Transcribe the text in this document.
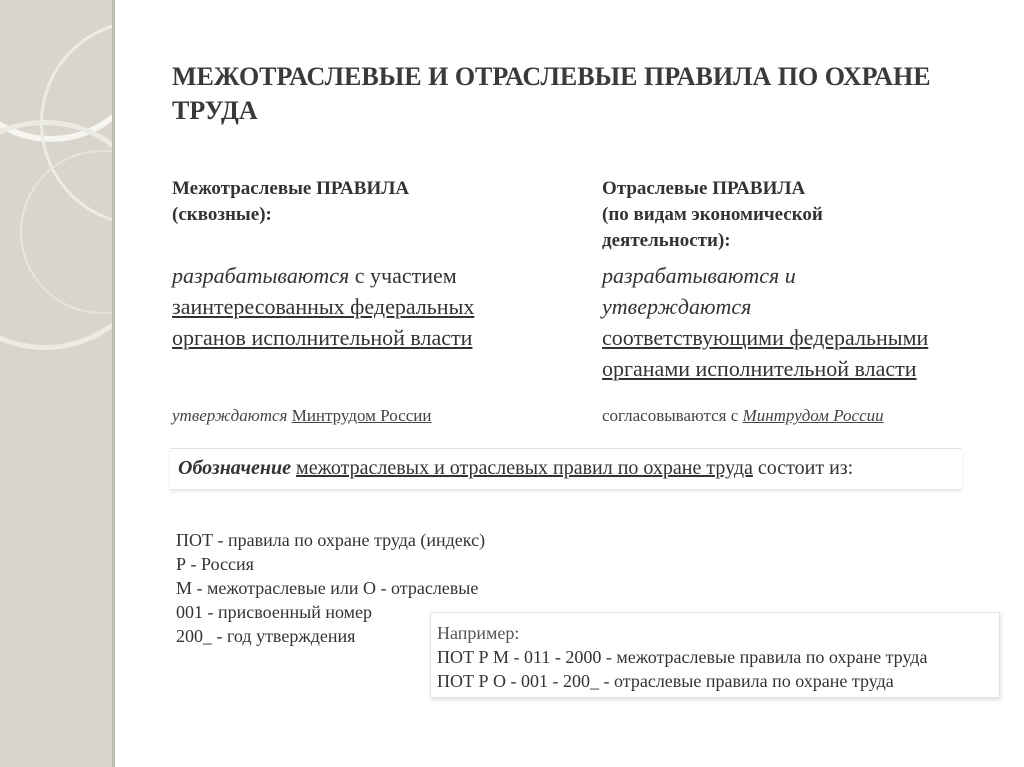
МЕЖОТРАСЛЕВЫЕ И ОТРАСЛЕВЫЕ ПРАВИЛА ПО ОХРАНЕ ТРУДА
Межотраслевые ПРАВИЛА
(сквозные):
Отраслевые ПРАВИЛА
(по видам экономической
деятельности):
разрабатываются с участием
заинтересованных федеральных
органов исполнительной власти
разрабатываются и
утверждаются
соответствующими федеральными
органами исполнительной власти
утверждаются Минтрудом России	согласовываются с Минтрудом России
Обозначение межотраслевых и отраслевых правил по охране труда состоит из:
ПОТ - правила по охране труда (индекс)
Р - Россия
М - межотраслевые или О - отраслевые
001 - присвоенный номер
200_ - год утверждения	Например:
ПОТ Р М - 011 - 2000 - межотраслевые правила по охране труда
ПОТ Р О - 001 - 200_ - отраслевые правила по охране труда
